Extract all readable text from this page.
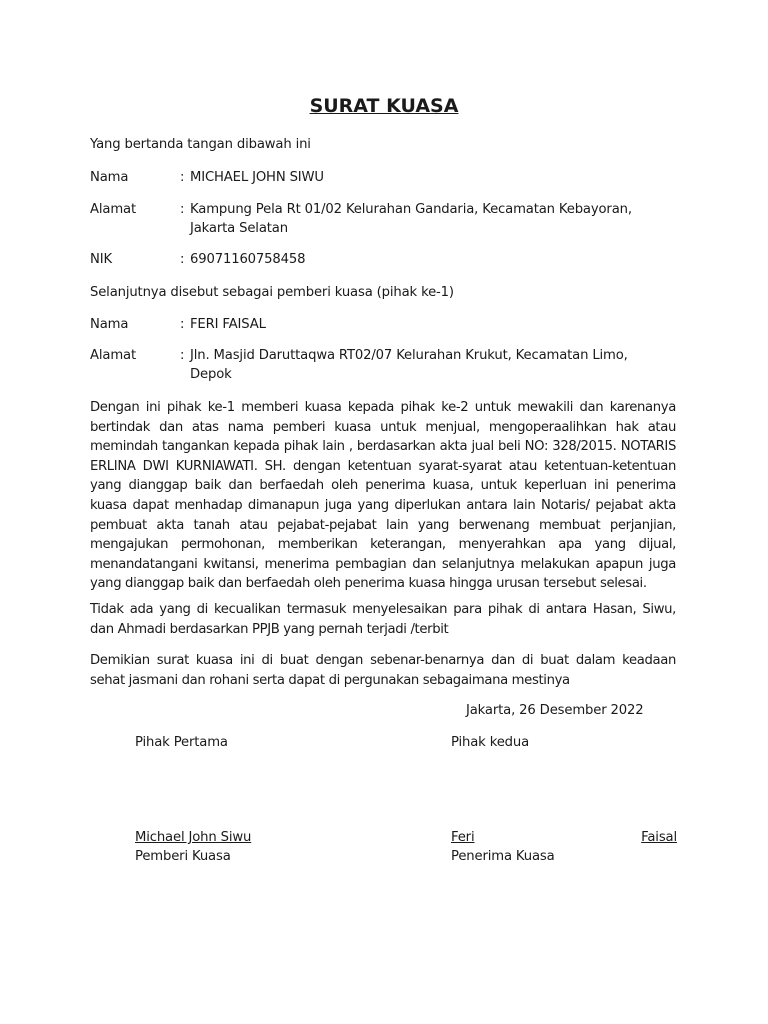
SURAT KUASA
Yang bertanda tangan dibawah ini
Nama	: MICHAEL JOHN SIWU
Alamat	: Kampung Pela Rt 01/02 Kelurahan Gandaria, Kecamatan Kebayoran,
Jakarta Selatan
NIK	: 69071160758458
Selanjutnya disebut sebagai pemberi kuasa (pihak ke-1)
Nama	: FERI FAISAL
Alamat	: Jln. Masjid Daruttaqwa RT02/07 Kelurahan Krukut, Kecamatan Limo,
Depok
Dengan ini pihak ke-1 memberi kuasa kepada pihak ke-2 untuk mewakili dan karenanya bertindak dan atas nama pemberi kuasa untuk menjual, mengoperaalihkan hak atau memindah tangankan kepada pihak lain , berdasarkan akta jual beli NO: 328/2015. NOTARIS ERLINA DWI KURNIAWATI. SH. dengan ketentuan syarat-syarat atau ketentuan-ketentuan yang dianggap baik dan berfaedah oleh penerima kuasa, untuk keperluan ini penerima kuasa dapat menhadap dimanapun juga yang diperlukan antara lain Notaris/ pejabat akta pembuat akta tanah atau pejabat-pejabat lain yang berwenang membuat perjanjian, mengajukan permohonan, memberikan keterangan, menyerahkan apa yang dijual, menandatangani kwitansi, menerima pembagian dan selanjutnya melakukan apapun juga yang dianggap baik dan berfaedah oleh penerima kuasa hingga urusan tersebut selesai.
Tidak ada yang di kecualikan termasuk menyelesaikan para pihak di antara Hasan, Siwu, dan Ahmadi berdasarkan PPJB yang pernah terjadi /terbit
Demikian surat kuasa ini di buat dengan sebenar-benarnya dan di buat dalam keadaan sehat jasmani dan rohani serta dapat di pergunakan sebagaimana mestinya
Jakarta, 26 Desember 2022
Pihak Pertama	Pihak kedua
Michael John Siwu	Feri	Faisal
Pemberi Kuasa	Penerima Kuasa
